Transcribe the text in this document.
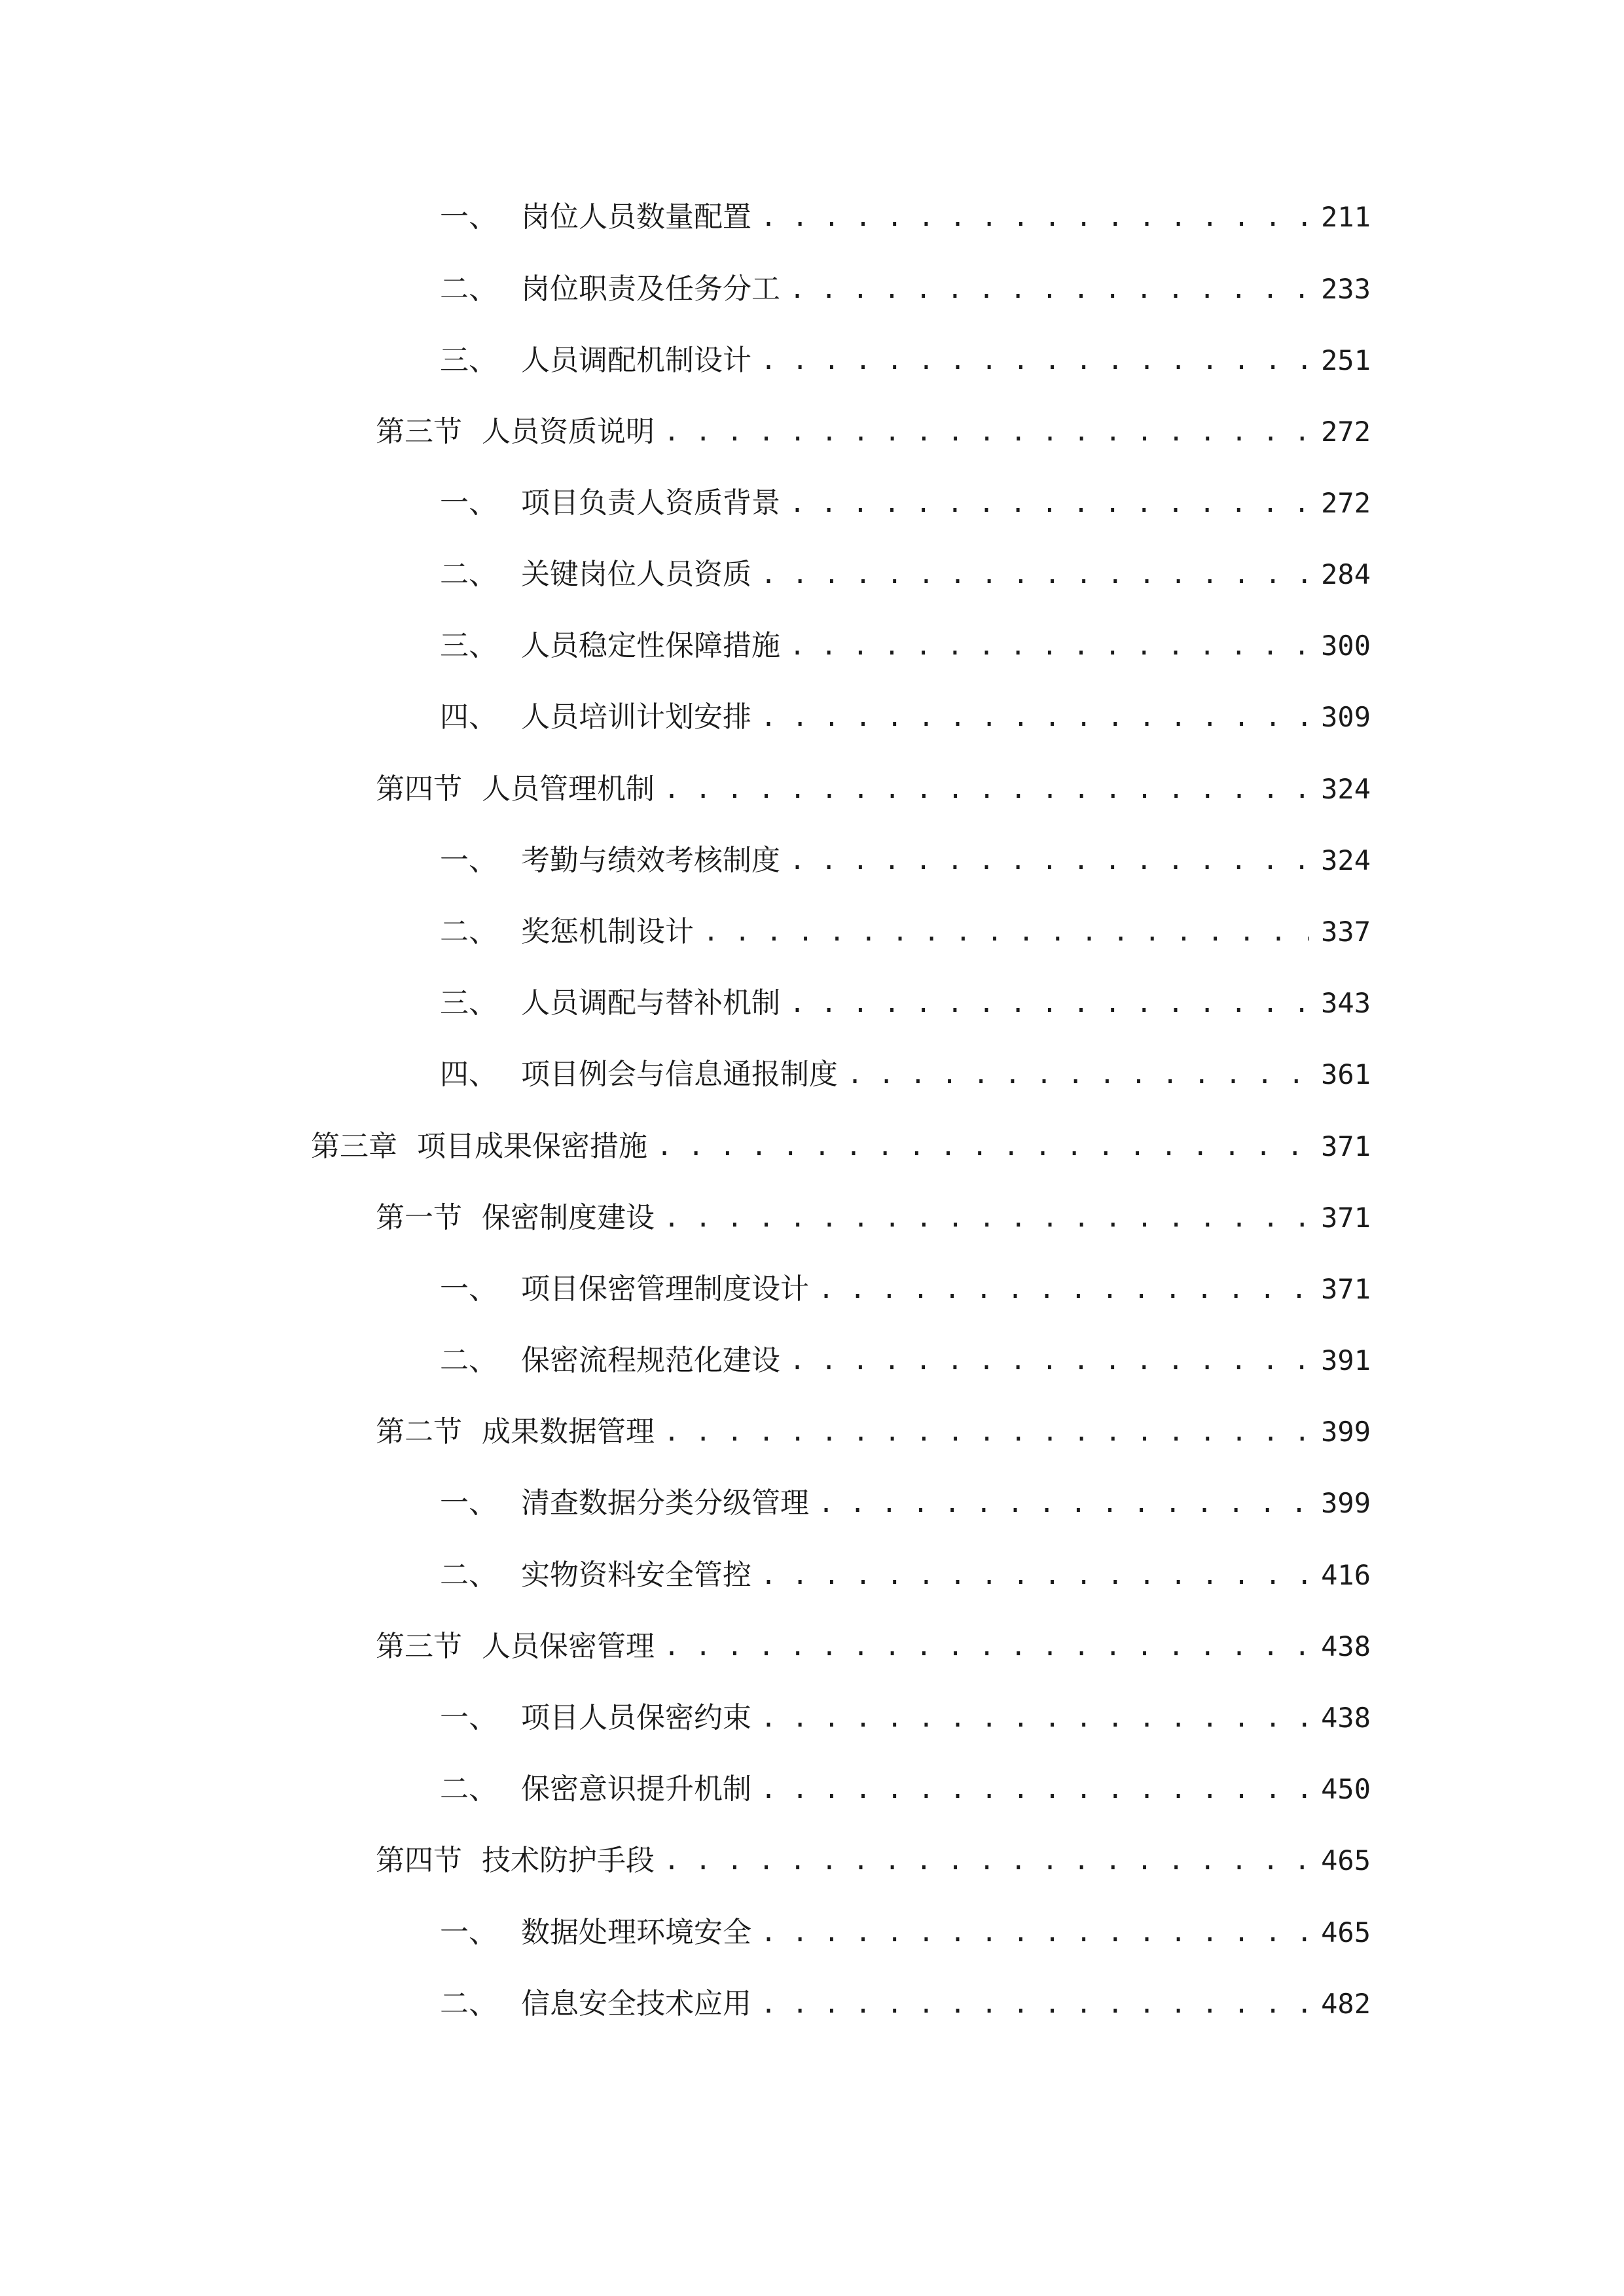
一、 岗位人员数量配置 . . .	211
二、 岗位职责及任务分工 . . .	233
三、 人员调配机制设计 . . .	251
第三节 人员资质说明 . . .	272
一、 项目负责人资质背景 . . .	272
二、 关键岗位人员资质 . . .	284
三、 人员稳定性保障措施 . . .	300
四、 人员培训计划安排 . . .	309
第四节 人员管理机制 . . .	324
一、 考勤与绩效考核制度 . . .	324
二、 奖惩机制设计 . . .	337
三、 人员调配与替补机制 . . .	343
四、 项目例会与信息通报制度 . . .	361
第三章 项目成果保密措施 . . .	371
第一节 保密制度建设 . . .	371
一、 项目保密管理制度设计 . . .	371
二、 保密流程规范化建设 . . .	391
第二节 成果数据管理 . . .	399
一、 清查数据分类分级管理 . . .	399
二、 实物资料安全管控 . . .	416
第三节 人员保密管理 . . .	438
一、 项目人员保密约束 . . .	438
二、 保密意识提升机制 . . .	450
第四节 技术防护手段 . . .	465
一、 数据处理环境安全 . . .	465
二、 信息安全技术应用 . . .	482
